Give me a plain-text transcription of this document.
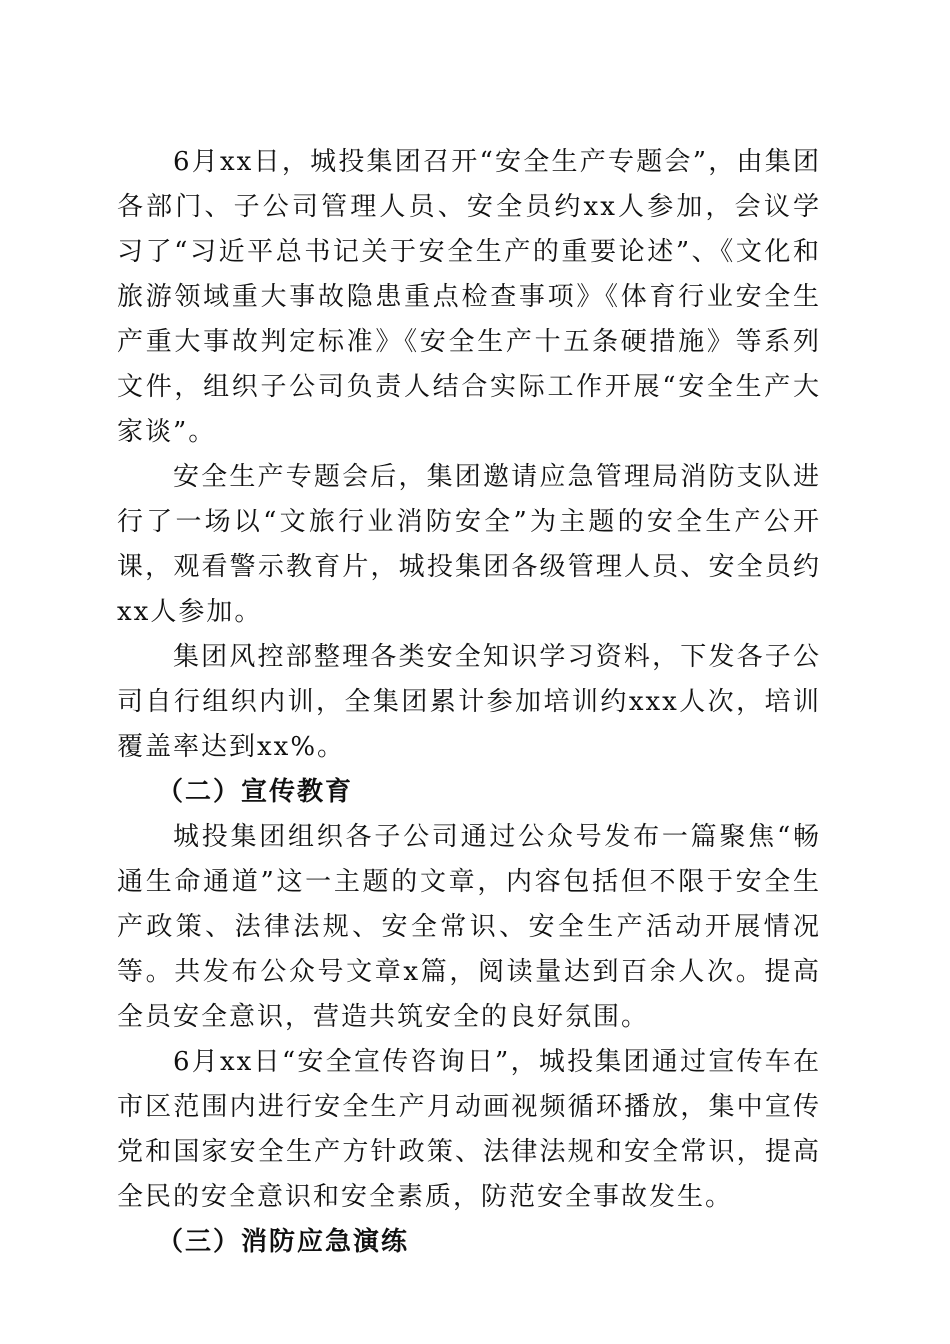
6月xx日，城投集团召开“安全生产专题会”，由集团各部门、子公司管理人员、安全员约xx人参加，会议学习了“习近平总书记关于安全生产的重要论述”、《文化和旅游领域重大事故隐患重点检查事项》《体育行业安全生产重大事故判定标准》《安全生产十五条硬措施》等系列文件，组织子公司负责人结合实际工作开展“安全生产大家谈”。

安全生产专题会后，集团邀请应急管理局消防支队进行了一场以“文旅行业消防安全”为主题的安全生产公开课，观看警示教育片，城投集团各级管理人员、安全员约xx人参加。

集团风控部整理各类安全知识学习资料，下发各子公司自行组织内训，全集团累计参加培训约xxx人次，培训覆盖率达到xx%。

（二）宣传教育

城投集团组织各子公司通过公众号发布一篇聚焦“畅通生命通道”这一主题的文章，内容包括但不限于安全生产政策、法律法规、安全常识、安全生产活动开展情况等。共发布公众号文章x篇，阅读量达到百余人次。提高全员安全意识，营造共筑安全的良好氛围。

6月xx日“安全宣传咨询日”，城投集团通过宣传车在市区范围内进行安全生产月动画视频循环播放，集中宣传党和国家安全生产方针政策、法律法规和安全常识，提高全民的安全意识和安全素质，防范安全事故发生。

（三）消防应急演练
